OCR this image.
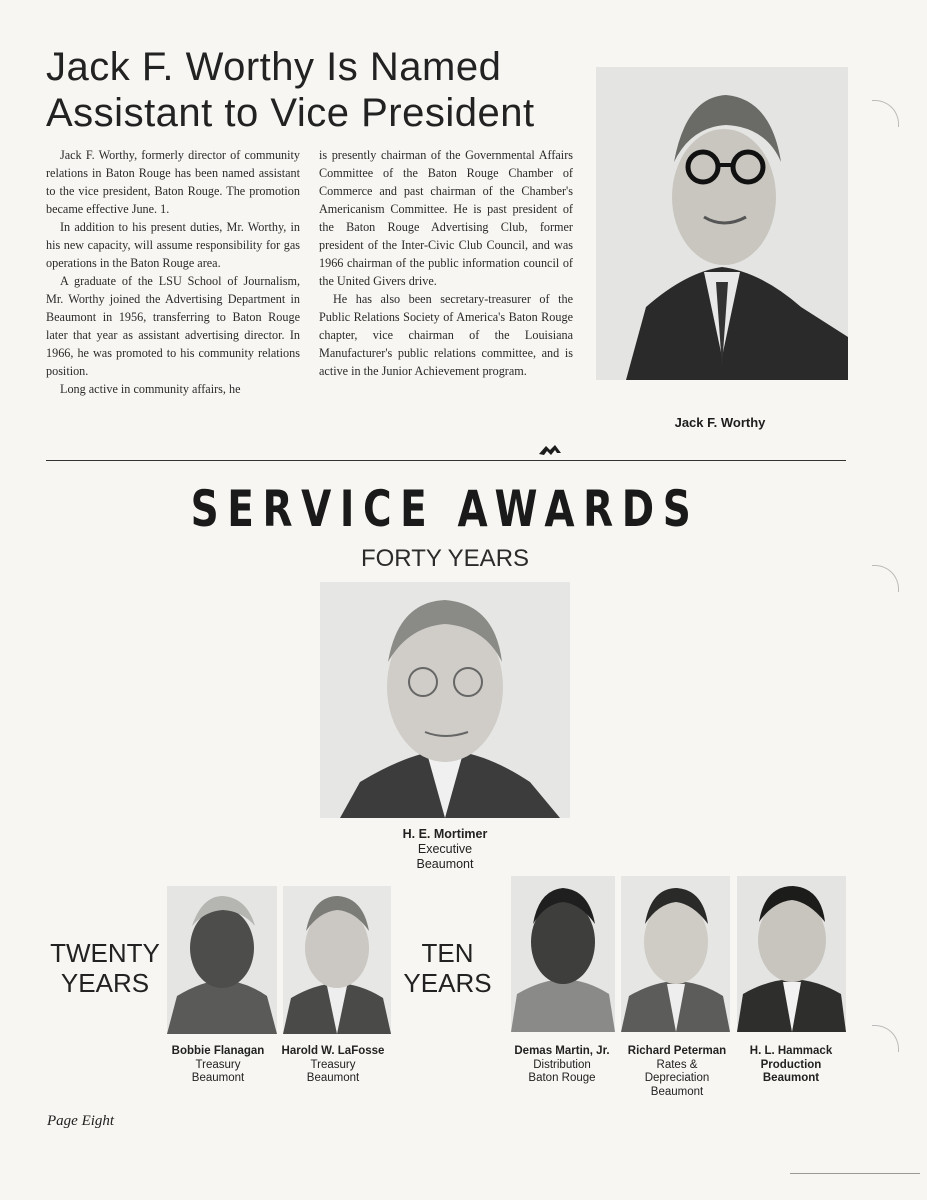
Jack F. Worthy Is Named
Assistant to Vice President

Jack F. Worthy, formerly director of community relations in Baton Rouge has been named assistant to the vice president, Baton Rouge. The promotion became effective June. 1.

In addition to his present duties, Mr. Worthy, in his new capacity, will assume responsibility for gas operations in the Baton Rouge area.

A graduate of the LSU School of Journalism, Mr. Worthy joined the Advertising Department in Beaumont in 1956, transferring to Baton Rouge later that year as assistant advertising director. In 1966, he was promoted to his community relations position.

Long active in community affairs, he

is presently chairman of the Governmental Affairs Committee of the Baton Rouge Chamber of Commerce and past chairman of the Chamber's Americanism Committee. He is past president of the Baton Rouge Advertising Club, former president of the Inter-Civic Club Council, and was 1966 chairman of the public information council of the United Givers drive.

He has also been secretary-treasurer of the Public Relations Society of America's Baton Rouge chapter, vice chairman of the Louisiana Manufacturer's public relations committee, and is active in the Junior Achievement program.

Jack F. Worthy
SERVICE AWARDS
FORTY YEARS
H. E. Mortimer
Executive
Beaumont
TWENTY
YEARS
Bobbie Flanagan
Treasury
Beaumont
Harold W. LaFosse
Treasury
Beaumont
TEN
YEARS
Demas Martin, Jr.
Distribution
Baton Rouge
Richard Peterman
Rates &
Depreciation
Beaumont
H. L. Hammack
Production
Beaumont
Page Eight
